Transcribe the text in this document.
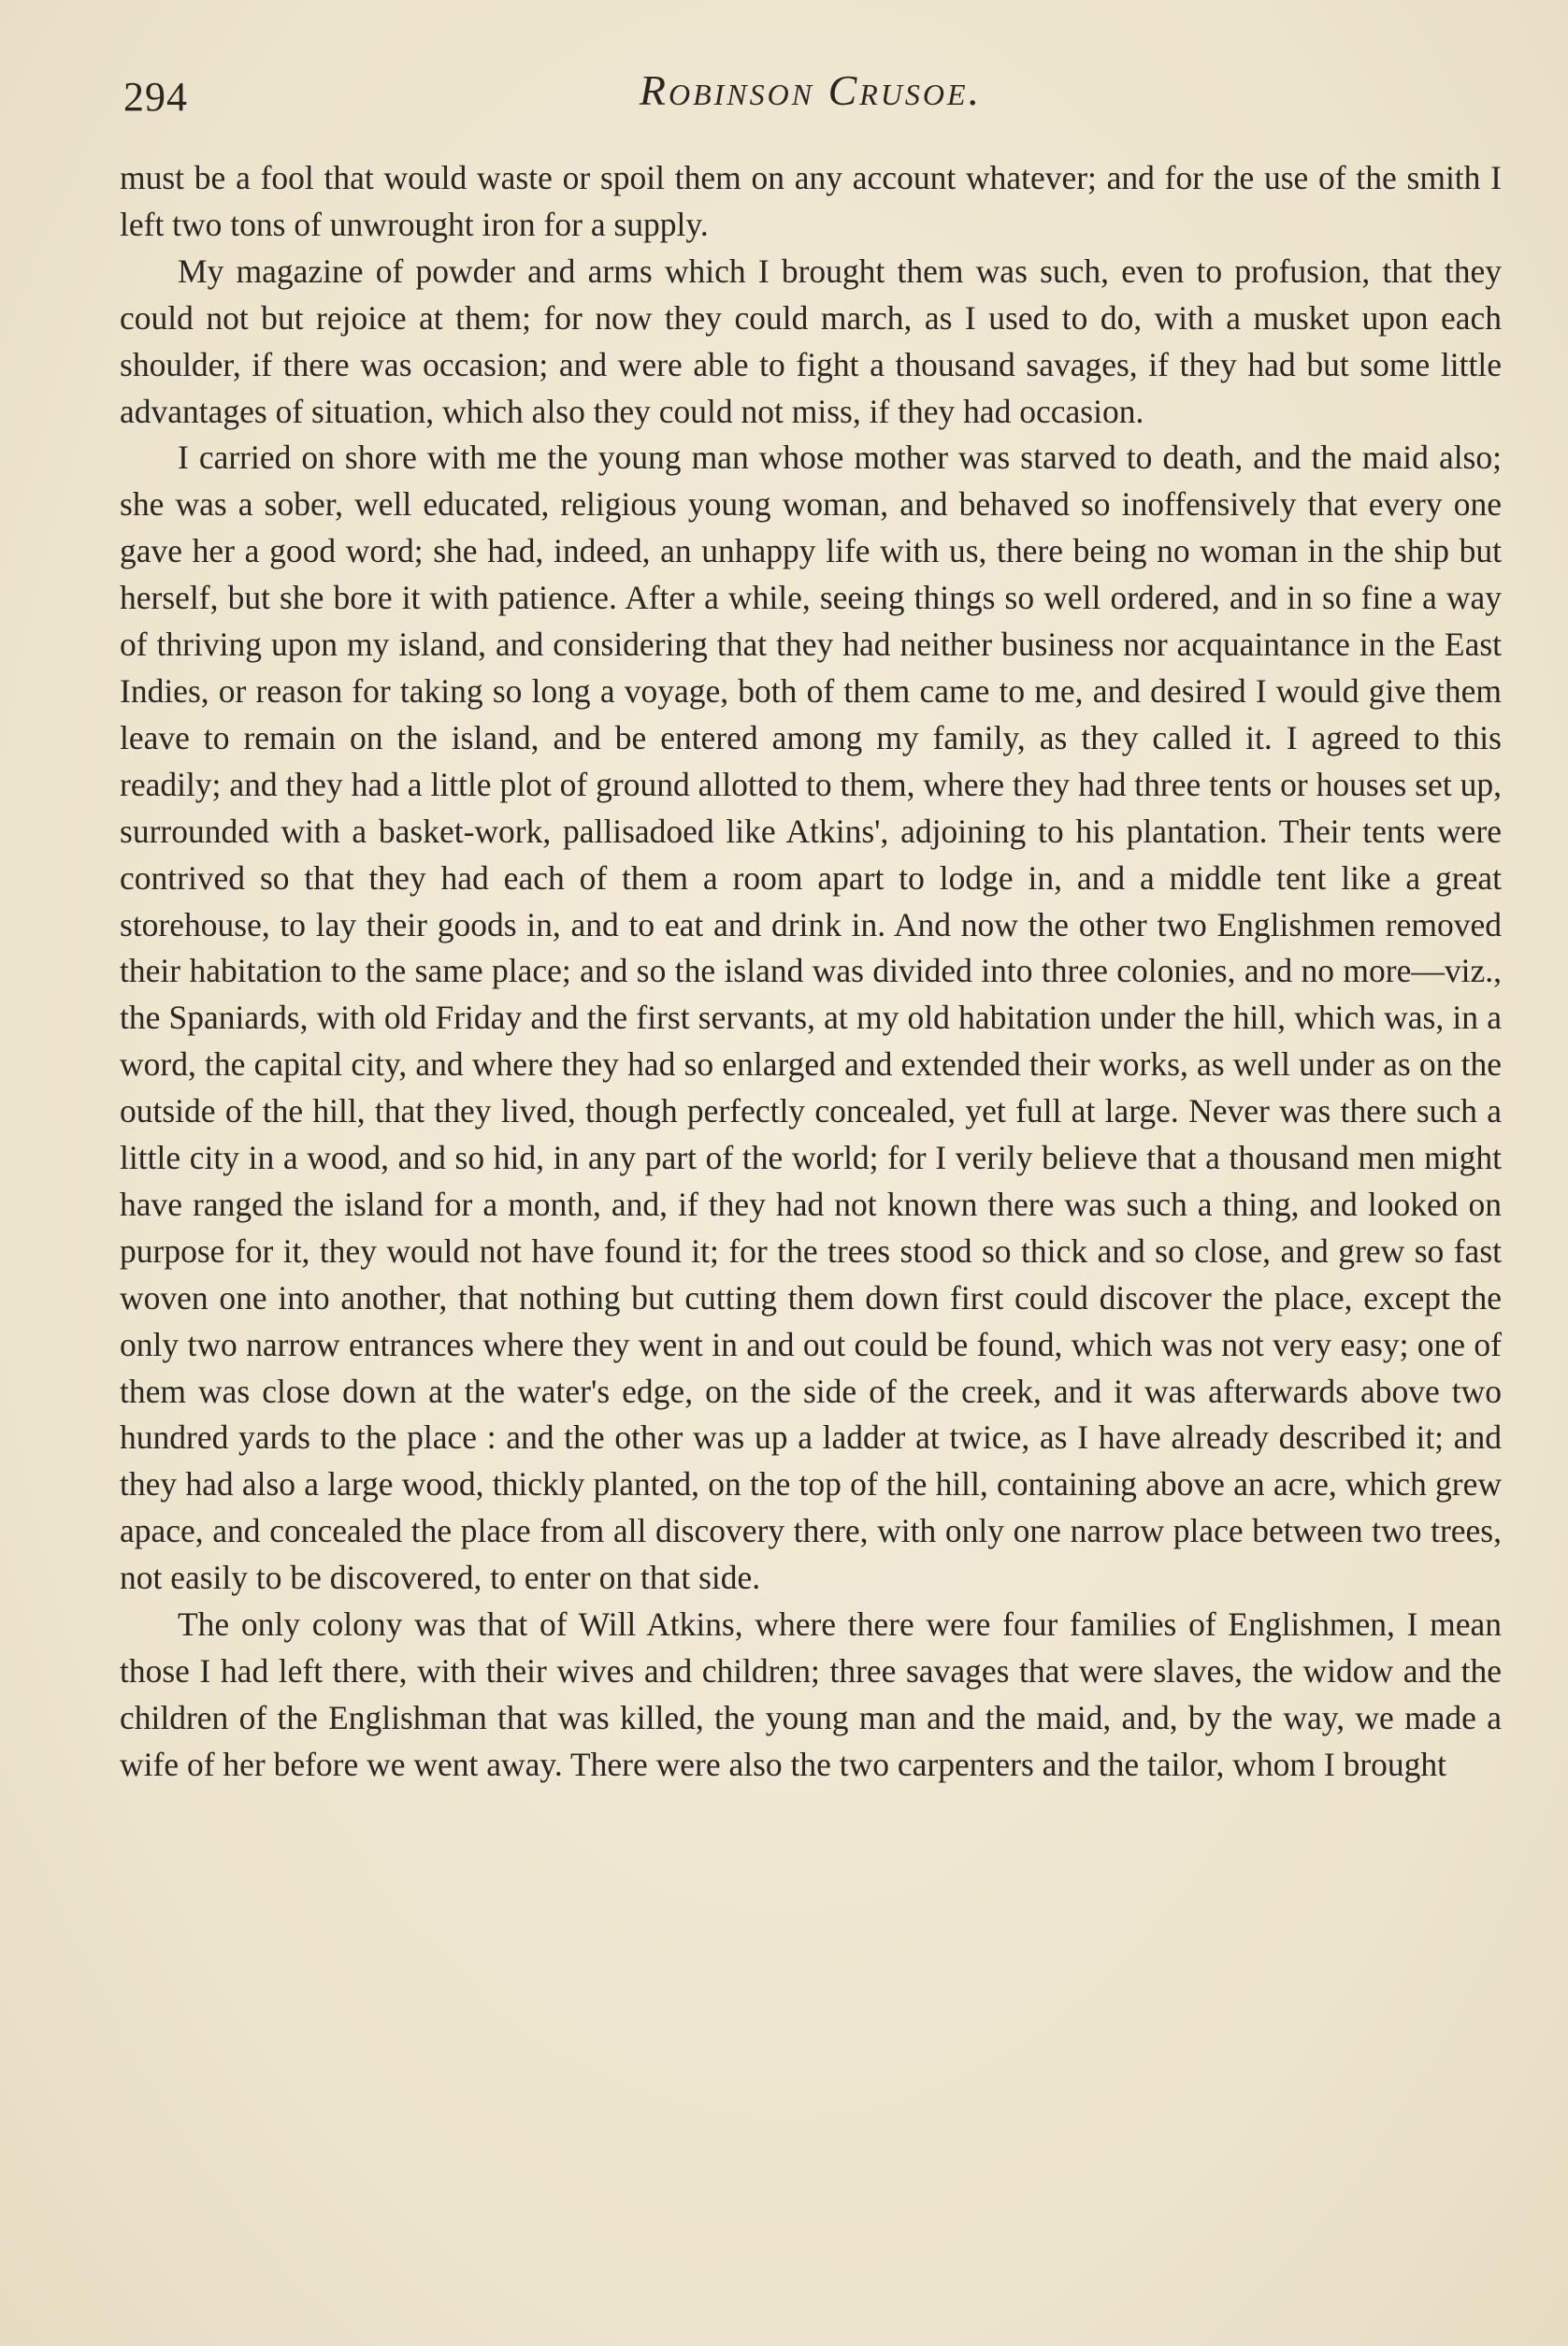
294	Robinson Crusoe.

must be a fool that would waste or spoil them on any account whatever; and for the use of the smith I left two tons of unwrought iron for a supply.

My magazine of powder and arms which I brought them was such, even to profusion, that they could not but rejoice at them; for now they could march, as I used to do, with a musket upon each shoulder, if there was occasion; and were able to fight a thousand savages, if they had but some little advantages of situation, which also they could not miss, if they had occasion.

I carried on shore with me the young man whose mother was starved to death, and the maid also; she was a sober, well educated, religious young woman, and behaved so inoffensively that every one gave her a good word; she had, indeed, an unhappy life with us, there being no woman in the ship but herself, but she bore it with patience. After a while, seeing things so well ordered, and in so fine a way of thriving upon my island, and considering that they had neither business nor acquaintance in the East Indies, or reason for taking so long a voyage, both of them came to me, and desired I would give them leave to remain on the island, and be entered among my family, as they called it. I agreed to this readily; and they had a little plot of ground allotted to them, where they had three tents or houses set up, surrounded with a basket-work, pallisadoed like Atkins', adjoining to his plantation. Their tents were contrived so that they had each of them a room apart to lodge in, and a middle tent like a great storehouse, to lay their goods in, and to eat and drink in. And now the other two Englishmen removed their habitation to the same place; and so the island was divided into three colonies, and no more—viz., the Spaniards, with old Friday and the first servants, at my old habitation under the hill, which was, in a word, the capital city, and where they had so enlarged and extended their works, as well under as on the outside of the hill, that they lived, though perfectly concealed, yet full at large. Never was there such a little city in a wood, and so hid, in any part of the world; for I verily believe that a thousand men might have ranged the island for a month, and, if they had not known there was such a thing, and looked on purpose for it, they would not have found it; for the trees stood so thick and so close, and grew so fast woven one into another, that nothing but cutting them down first could discover the place, except the only two narrow entrances where they went in and out could be found, which was not very easy; one of them was close down at the water's edge, on the side of the creek, and it was afterwards above two hundred yards to the place : and the other was up a ladder at twice, as I have already described it; and they had also a large wood, thickly planted, on the top of the hill, containing above an acre, which grew apace, and concealed the place from all discovery there, with only one narrow place between two trees, not easily to be discovered, to enter on that side.

The only colony was that of Will Atkins, where there were four families of Englishmen, I mean those I had left there, with their wives and children; three savages that were slaves, the widow and the children of the Englishman that was killed, the young man and the maid, and, by the way, we made a wife of her before we went away. There were also the two carpenters and the tailor, whom I brought
